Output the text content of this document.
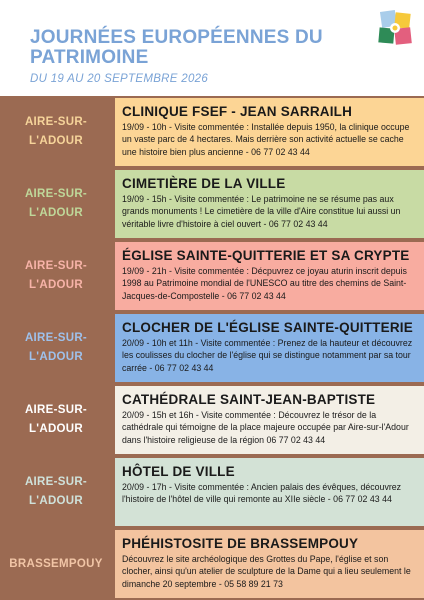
JOURNÉES EUROPÉENNES DU PATRIMOINE
DU 19 AU 20 SEPTEMBRE 2026
AIRE-SUR-L'ADOUR
CLINIQUE FSEF - JEAN SARRAILH

19/09 - 10h - Visite commentée : Installée depuis 1950, la clinique occupe un vaste parc de 4 hectares. Mais derrière son activité actuelle se cache une histoire bien plus ancienne - 06 77 02 43 44

AIRE-SUR-L'ADOUR
CIMETIÈRE DE LA VILLE

19/09 - 15h - Visite commentée : Le patrimoine ne se résume pas aux grands monuments ! Le cimetière de la ville d'Aire constitue lui aussi un véritable livre d'histoire à ciel ouvert - 06 77 02 43 44

AIRE-SUR-L'ADOUR
ÉGLISE SAINTE-QUITTERIE ET SA CRYPTE

19/09 - 21h - Visite commentée : Décpuvrez ce joyau aturin inscrit depuis 1998 au Patrimoine mondial de l'UNESCO au titre des chemins de Saint-Jacques-de-Compostelle - 06 77 02 43 44

AIRE-SUR-L'ADOUR
CLOCHER DE L'ÉGLISE SAINTE-QUITTERIE

20/09 - 10h et 11h - Visite commentée : Prenez de la hauteur et découvrez les coulisses du clocher de l'église qui se distingue notamment par sa tour carrée - 06 77 02 43 44

AIRE-SUR-L'ADOUR
CATHÉDRALE SAINT-JEAN-BAPTISTE

20/09 - 15h et 16h - Visite commentée : Découvrez le trésor de la cathédrale qui témoigne de la place majeure occupée par Aire-sur-l'Adour dans l'histoire religieuse de la région 06 77 02 43 44

AIRE-SUR-L'ADOUR
HÔTEL DE VILLE

20/09 - 17h - Visite commentée : Ancien palais des évêques, découvrez l'histoire de l'hôtel de ville qui remonte au XIIe siècle - 06 77 02 43 44

BRASSEMPOUY
PHÉHISTOSITE DE BRASSEMPOUY

Découvrez le site archéologique des Grottes du Pape, l'église et son clocher, ainsi qu'un atelier de sculpture de la Dame qui a lieu seulement le dimanche 20 septembre - 05 58 89 21 73
